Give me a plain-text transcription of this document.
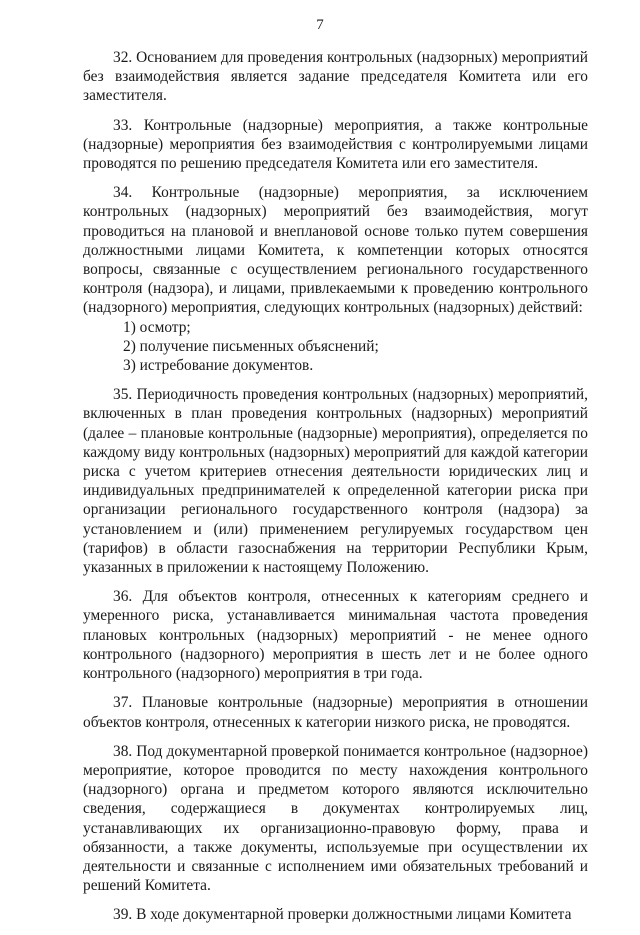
7

32. Основанием для проведения контрольных (надзорных) мероприятий без взаимодействия является задание председателя Комитета или его заместителя.

33. Контрольные (надзорные) мероприятия, а также контрольные (надзорные) мероприятия без взаимодействия с контролируемыми лицами проводятся по решению председателя Комитета или его заместителя.

34. Контрольные (надзорные) мероприятия, за исключением контрольных (надзорных) мероприятий без взаимодействия, могут проводиться на плановой и внеплановой основе только путем совершения должностными лицами Комитета, к компетенции которых относятся вопросы, связанные с осуществлением регионального государственного контроля (надзора), и лицами, привлекаемыми к проведению контрольного (надзорного) мероприятия, следующих контрольных (надзорных) действий:

1) осмотр;
2) получение письменных объяснений;
3) истребование документов.

35. Периодичность проведения контрольных (надзорных) мероприятий, включенных в план проведения контрольных (надзорных) мероприятий (далее – плановые контрольные (надзорные) мероприятия), определяется по каждому виду контрольных (надзорных) мероприятий для каждой категории риска с учетом критериев отнесения деятельности юридических лиц и индивидуальных предпринимателей к определенной категории риска при организации регионального государственного контроля (надзора) за установлением и (или) применением регулируемых государством цен (тарифов) в области газоснабжения на территории Республики Крым, указанных в приложении к настоящему Положению.

36. Для объектов контроля, отнесенных к категориям среднего и умеренного риска, устанавливается минимальная частота проведения плановых контрольных (надзорных) мероприятий - не менее одного контрольного (надзорного) мероприятия в шесть лет и не более одного контрольного (надзорного) мероприятия в три года.

37. Плановые контрольные (надзорные) мероприятия в отношении объектов контроля, отнесенных к категории низкого риска, не проводятся.

38. Под документарной проверкой понимается контрольное (надзорное) мероприятие, которое проводится по месту нахождения контрольного (надзорного) органа и предметом которого являются исключительно сведения, содержащиеся в документах контролируемых лиц, устанавливающих их организационно-правовую форму, права и обязанности, а также документы, используемые при осуществлении их деятельности и связанные с исполнением ими обязательных требований и решений Комитета.

39. В ходе документарной проверки должностными лицами Комитета
